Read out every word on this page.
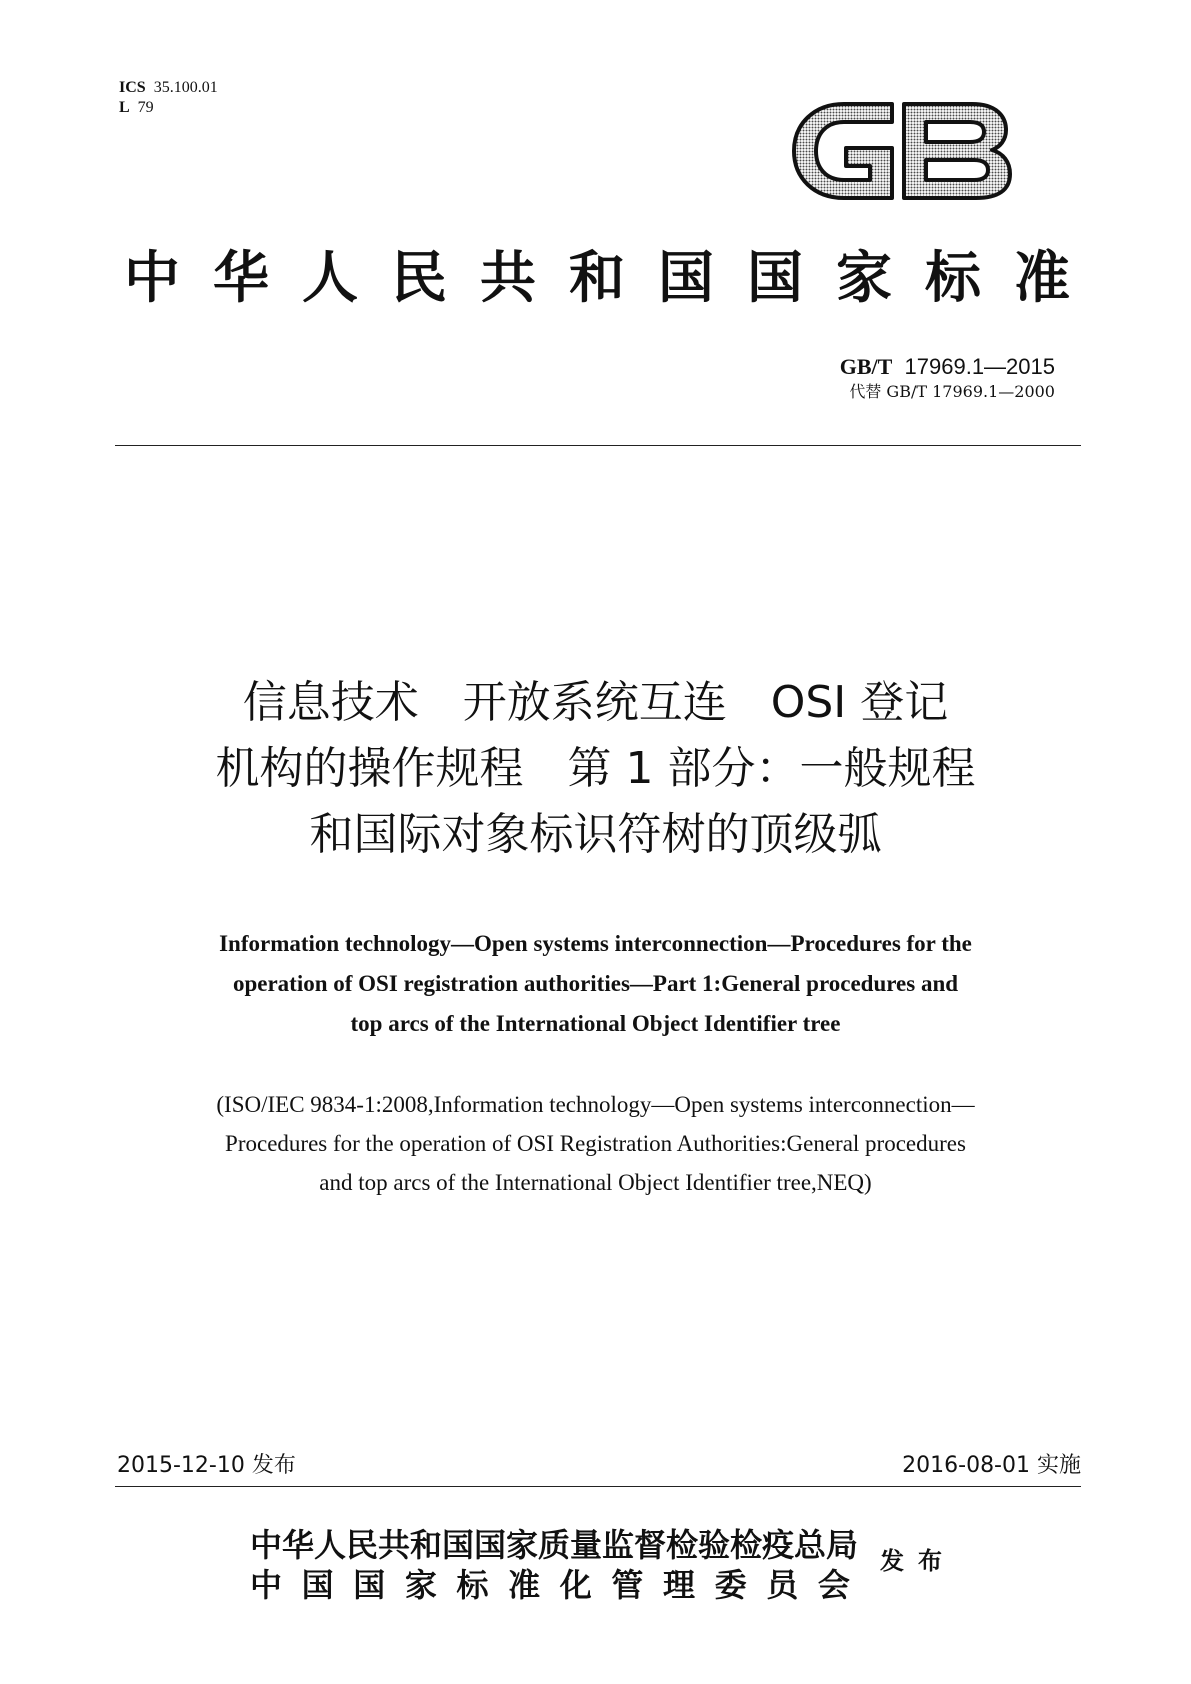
ICS 35.100.01
L 79
中 华 人 民 共 和 国 国 家 标 准
GB/T 17969.1—2015
代替 GB/T 17969.1—2000
信息技术　开放系统互连　OSI 登记
机构的操作规程　第 1 部分：一般规程
和国际对象标识符树的顶级弧
Information technology—Open systems interconnection—Procedures for the
operation of OSI registration authorities—Part 1:General procedures and
top arcs of the International Object Identifier tree
(ISO/IEC 9834-1:2008,Information technology—Open systems interconnection—
Procedures for the operation of OSI Registration Authorities:General procedures
and top arcs of the International Object Identifier tree,NEQ)
2015-12-10 发布	2016-08-01 实施
中华人民共和国国家质量监督检验检疫总局
中 国 国 家 标 准 化 管 理 委 员 会
发布
